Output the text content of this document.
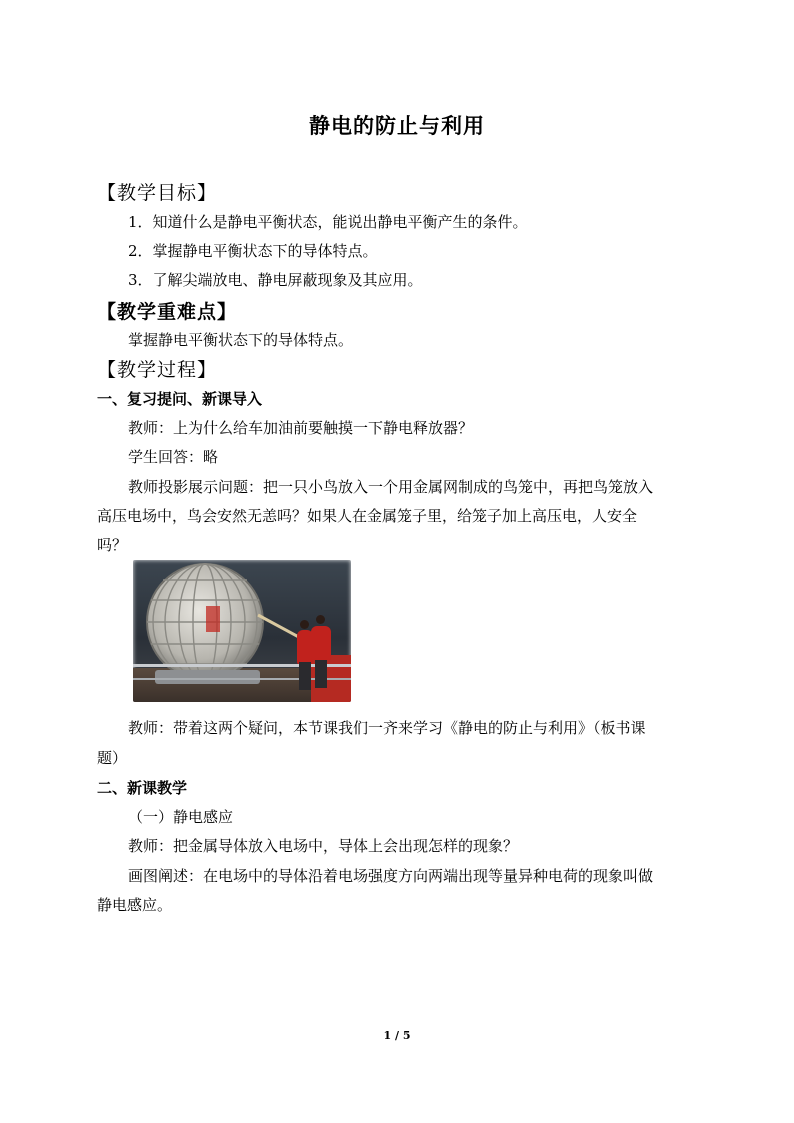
静电的防止与利用
【教学目标】
1．知道什么是静电平衡状态，能说出静电平衡产生的条件。
2．掌握静电平衡状态下的导体特点。
3．了解尖端放电、静电屏蔽现象及其应用。
【教学重难点】
掌握静电平衡状态下的导体特点。
【教学过程】
一、复习提问、新课导入
教师：上为什么给车加油前要触摸一下静电释放器？
学生回答：略
教师投影展示问题：把一只小鸟放入一个用金属网制成的鸟笼中，再把鸟笼放入
高压电场中，鸟会安然无恙吗？如果人在金属笼子里，给笼子加上高压电，人安全
吗？
教师：带着这两个疑问，本节课我们一齐来学习《静电的防止与利用》（板书课
题）
二、新课教学
（一）静电感应
教师：把金属导体放入电场中，导体上会出现怎样的现象？
画图阐述：在电场中的导体沿着电场强度方向两端出现等量异种电荷的现象叫做
静电感应。
1 / 5
